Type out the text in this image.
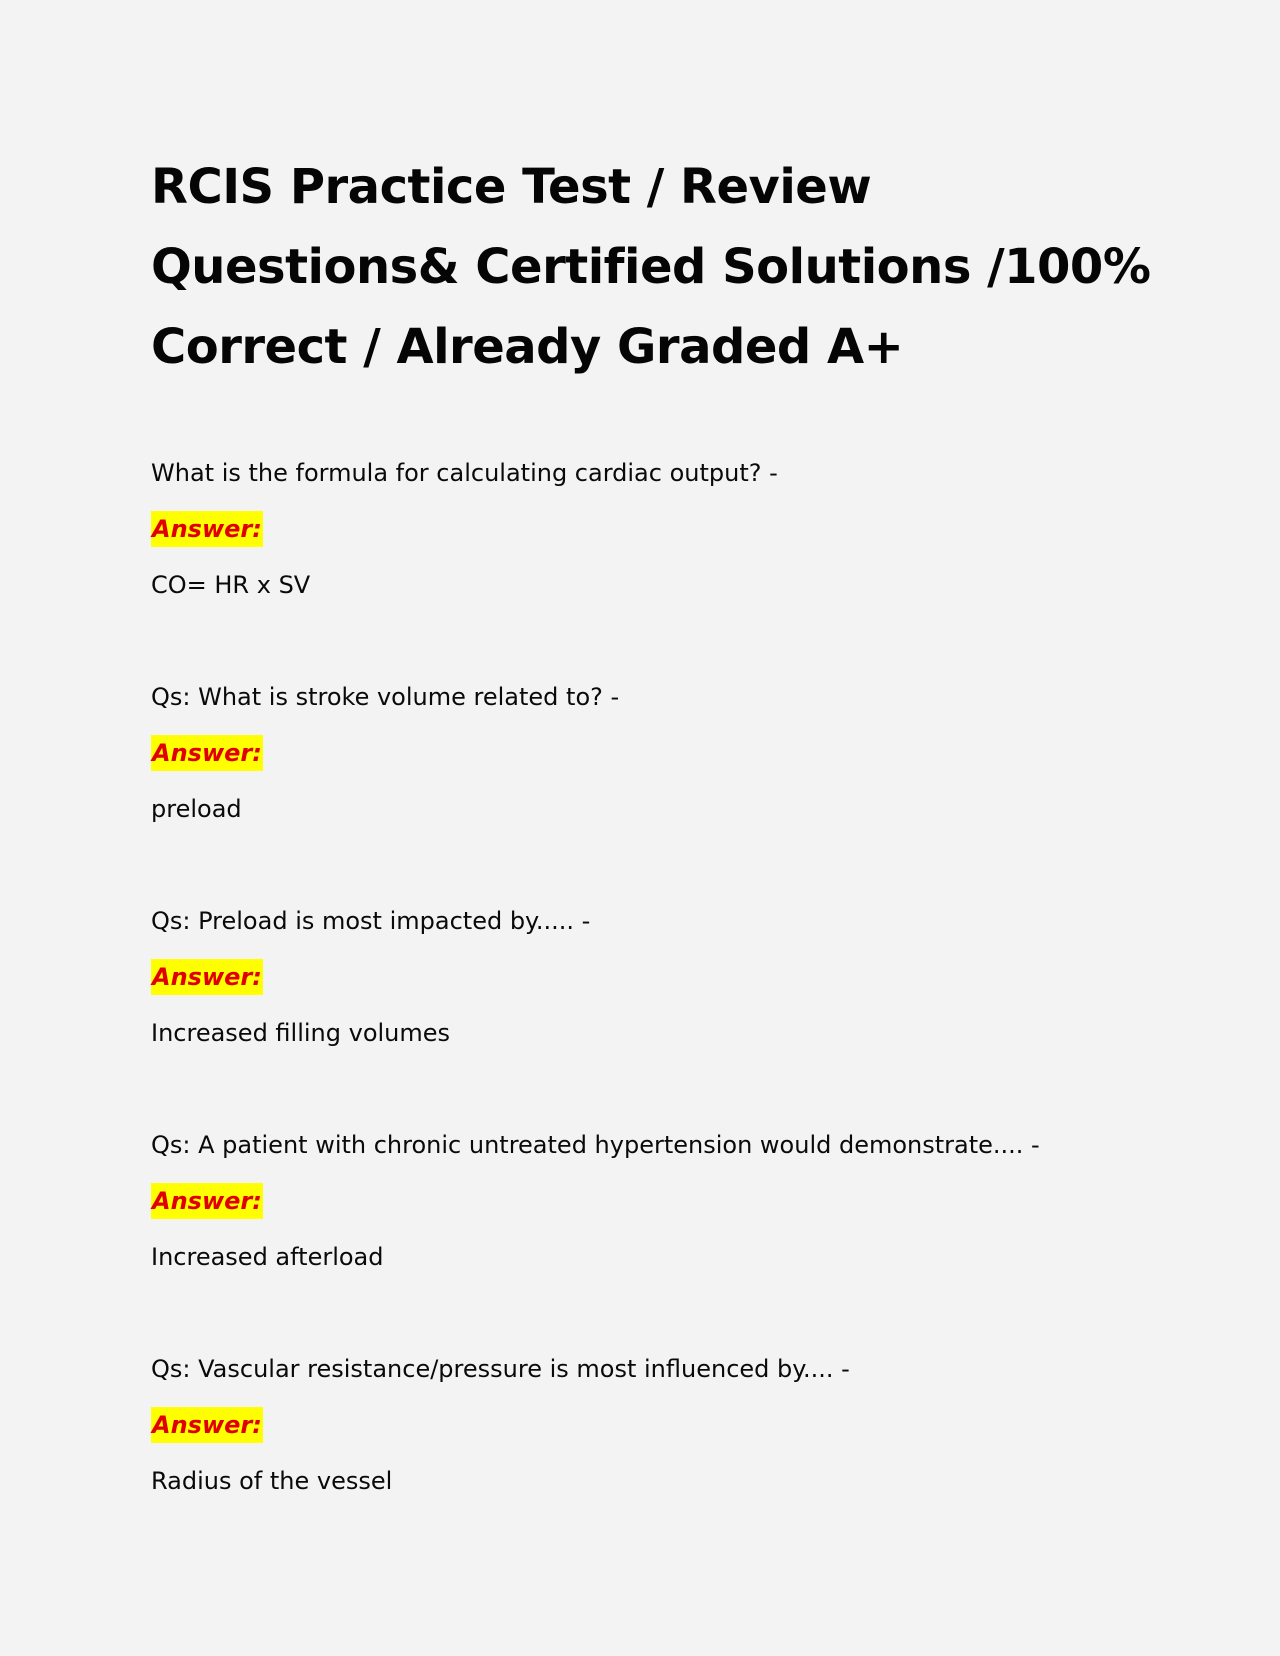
RCIS Practice Test / Review Questions& Certified Solutions /100% Correct / Already Graded A+
What is the formula for calculating cardiac output? -
Answer:
CO= HR x SV
Qs: What is stroke volume related to? -
Answer:
preload
Qs: Preload is most impacted by..... -
Answer:
Increased filling volumes
Qs: A patient with chronic untreated hypertension would demonstrate.... -
Answer:
Increased afterload
Qs: Vascular resistance/pressure is most influenced by.... -
Answer:
Radius of the vessel
